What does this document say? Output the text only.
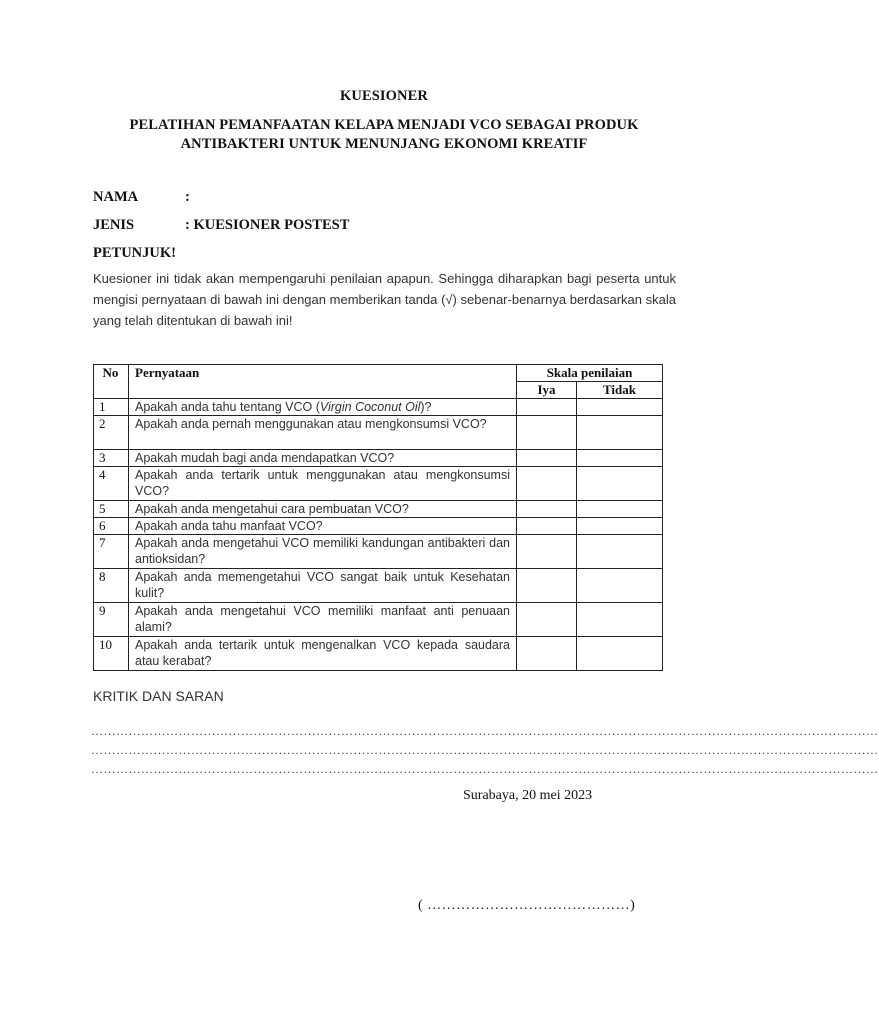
KUESIONER
PELATIHAN PEMANFAATAN KELAPA MENJADI VCO SEBAGAI PRODUK
ANTIBAKTERI UNTUK MENUNJANG EKONOMI KREATIF
NAMA	:
JENIS	: KUESIONER POSTEST
PETUNJUK!
Kuesioner ini tidak akan mempengaruhi penilaian apapun. Sehingga diharapkan bagi peserta untuk mengisi pernyataan di bawah ini dengan memberikan tanda (√) sebenar-benarnya berdasarkan skala yang telah ditentukan di bawah ini!
No	Pernyataan	Skala penilaian	
		Iya	Tidak
1	Apakah anda tahu tentang VCO (Virgin Coconut Oil)?		
2	Apakah anda pernah menggunakan atau mengkonsumsi VCO?		
3	Apakah mudah bagi anda mendapatkan VCO?		
4	Apakah anda tertarik untuk menggunakan atau mengkonsumsi VCO?		
5	Apakah anda mengetahui cara pembuatan VCO?		
6	Apakah anda tahu manfaat VCO?		
7	Apakah anda mengetahui VCO memiliki kandungan antibakteri dan antioksidan?		
8	Apakah anda memengetahui VCO sangat baik untuk Kesehatan kulit?		
9	Apakah anda mengetahui VCO memiliki manfaat anti penuaan alami?		
10	Apakah anda tertarik untuk mengenalkan VCO kepada saudara atau kerabat?		
KRITIK DAN SARAN
………………………………………………………………………………………………………………………………………………………………………
………………………………………………………………………………………………………………………………………………………………………
………………………………………………………………………………………………………………………………………………………………………
Surabaya, 20 mei 2023
( ……………………………………)
